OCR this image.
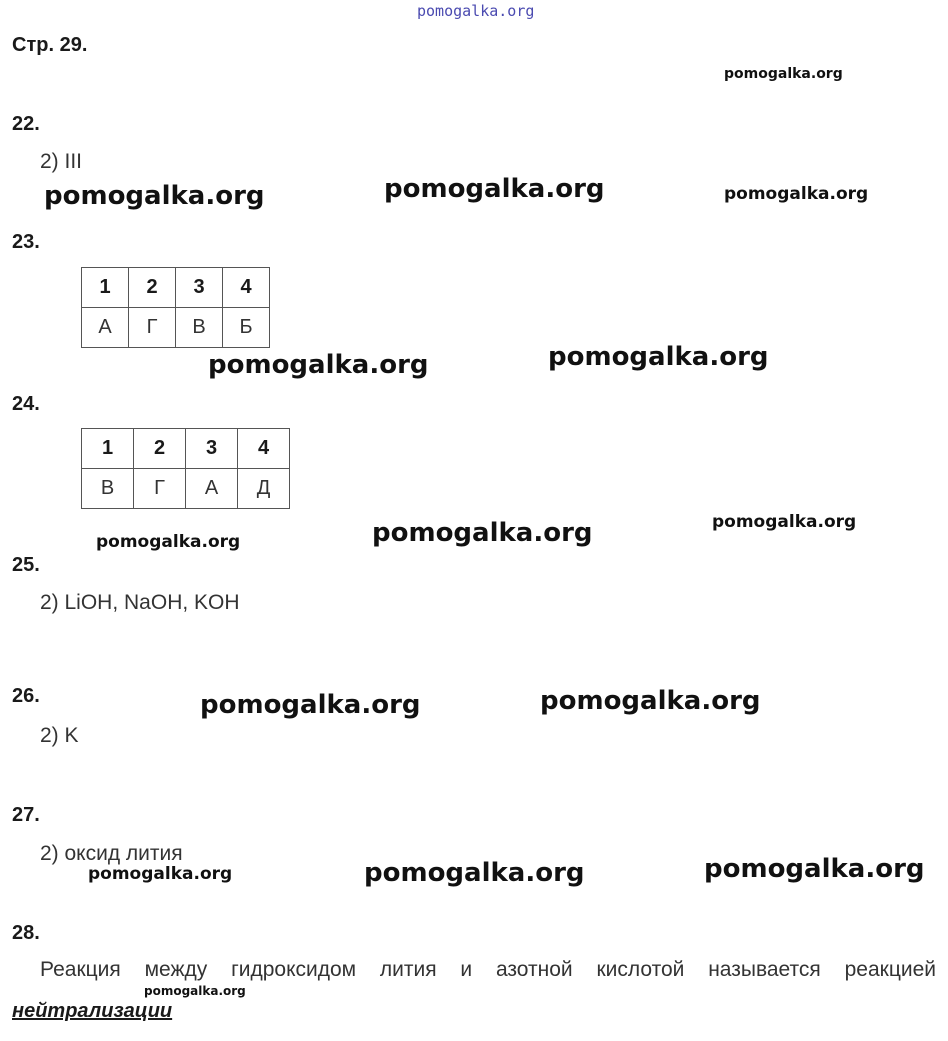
pomogalka.org
Стр. 29.
pomogalka.org
pomogalka.org	pomogalka.org	pomogalka.org
pomogalka.org	pomogalka.org
pomogalka.org
pomogalka.org	pomogalka.org
pomogalka.org	pomogalka.org
pomogalka.org	pomogalka.org	pomogalka.org
pomogalka.org
22.
2) III
23.
1	2	3	4
А	Г	В	Б
24.
1	2	3	4
В	Г	А	Д
25.
2) LiOH, NaOH, KOH
26.
2) K
27.
2) оксид лития
28.
Реакция между гидроксидом лития и азотной кислотой называется реакцией
нейтрализации
